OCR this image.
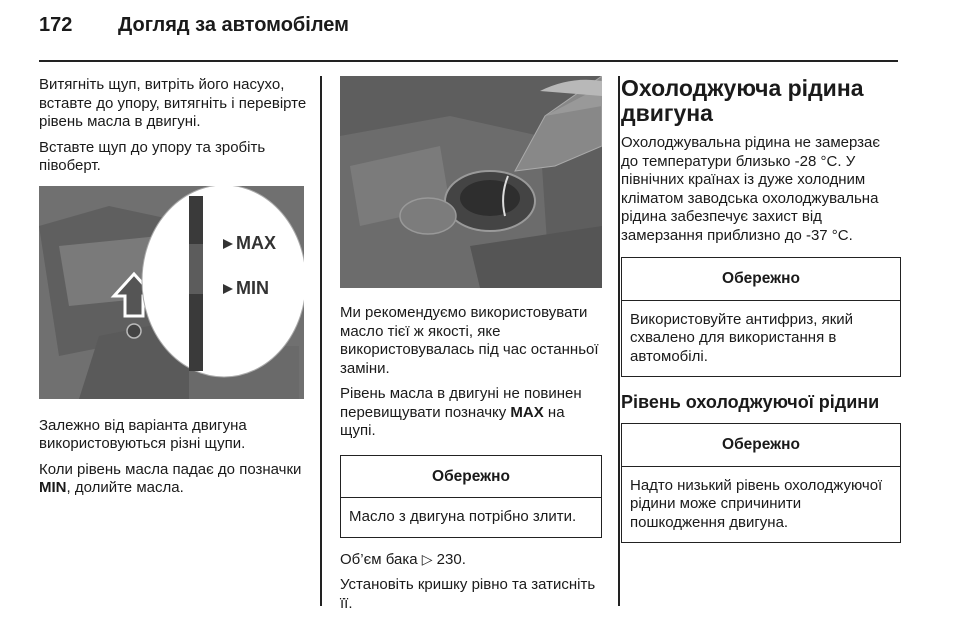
172 Догляд за автомобілем

Витягніть щуп, витріть його насухо, вставте до упору, витягніть і перевірте рівень масла в двигуні.

Вставте щуп до упору та зробіть півоберт.

MAX
MIN

Залежно від варіанта двигуна використовуються різні щупи.

Коли рівень масла падає до позначки MIN, долийте масла.

Ми рекомендуємо використовувати масло тієї ж якості, яке використовувалась під час останньої заміни.

Рівень масла в двигуні не повинен перевищувати позначку MAX на щупі.

Обережно
Масло з двигуна потрібно злити.

Об’єм бака ▷ 230.

Установіть кришку рівно та затисніть її.

Охолоджуюча рідина двигуна

Охолоджувальна рідина не замерзає до температури близько -28 °C. У північних країнах із дуже холодним кліматом заводська охолоджувальна рідина забезпечує захист від замерзання приблизно до -37 °C.

Обережно
Використовуйте антифриз, який схвалено для використання в автомобілі.
Рівень охолоджуючої рідини
Обережно
Надто низький рівень охолоджуючої рідини може спричинити пошкодження двигуна.
